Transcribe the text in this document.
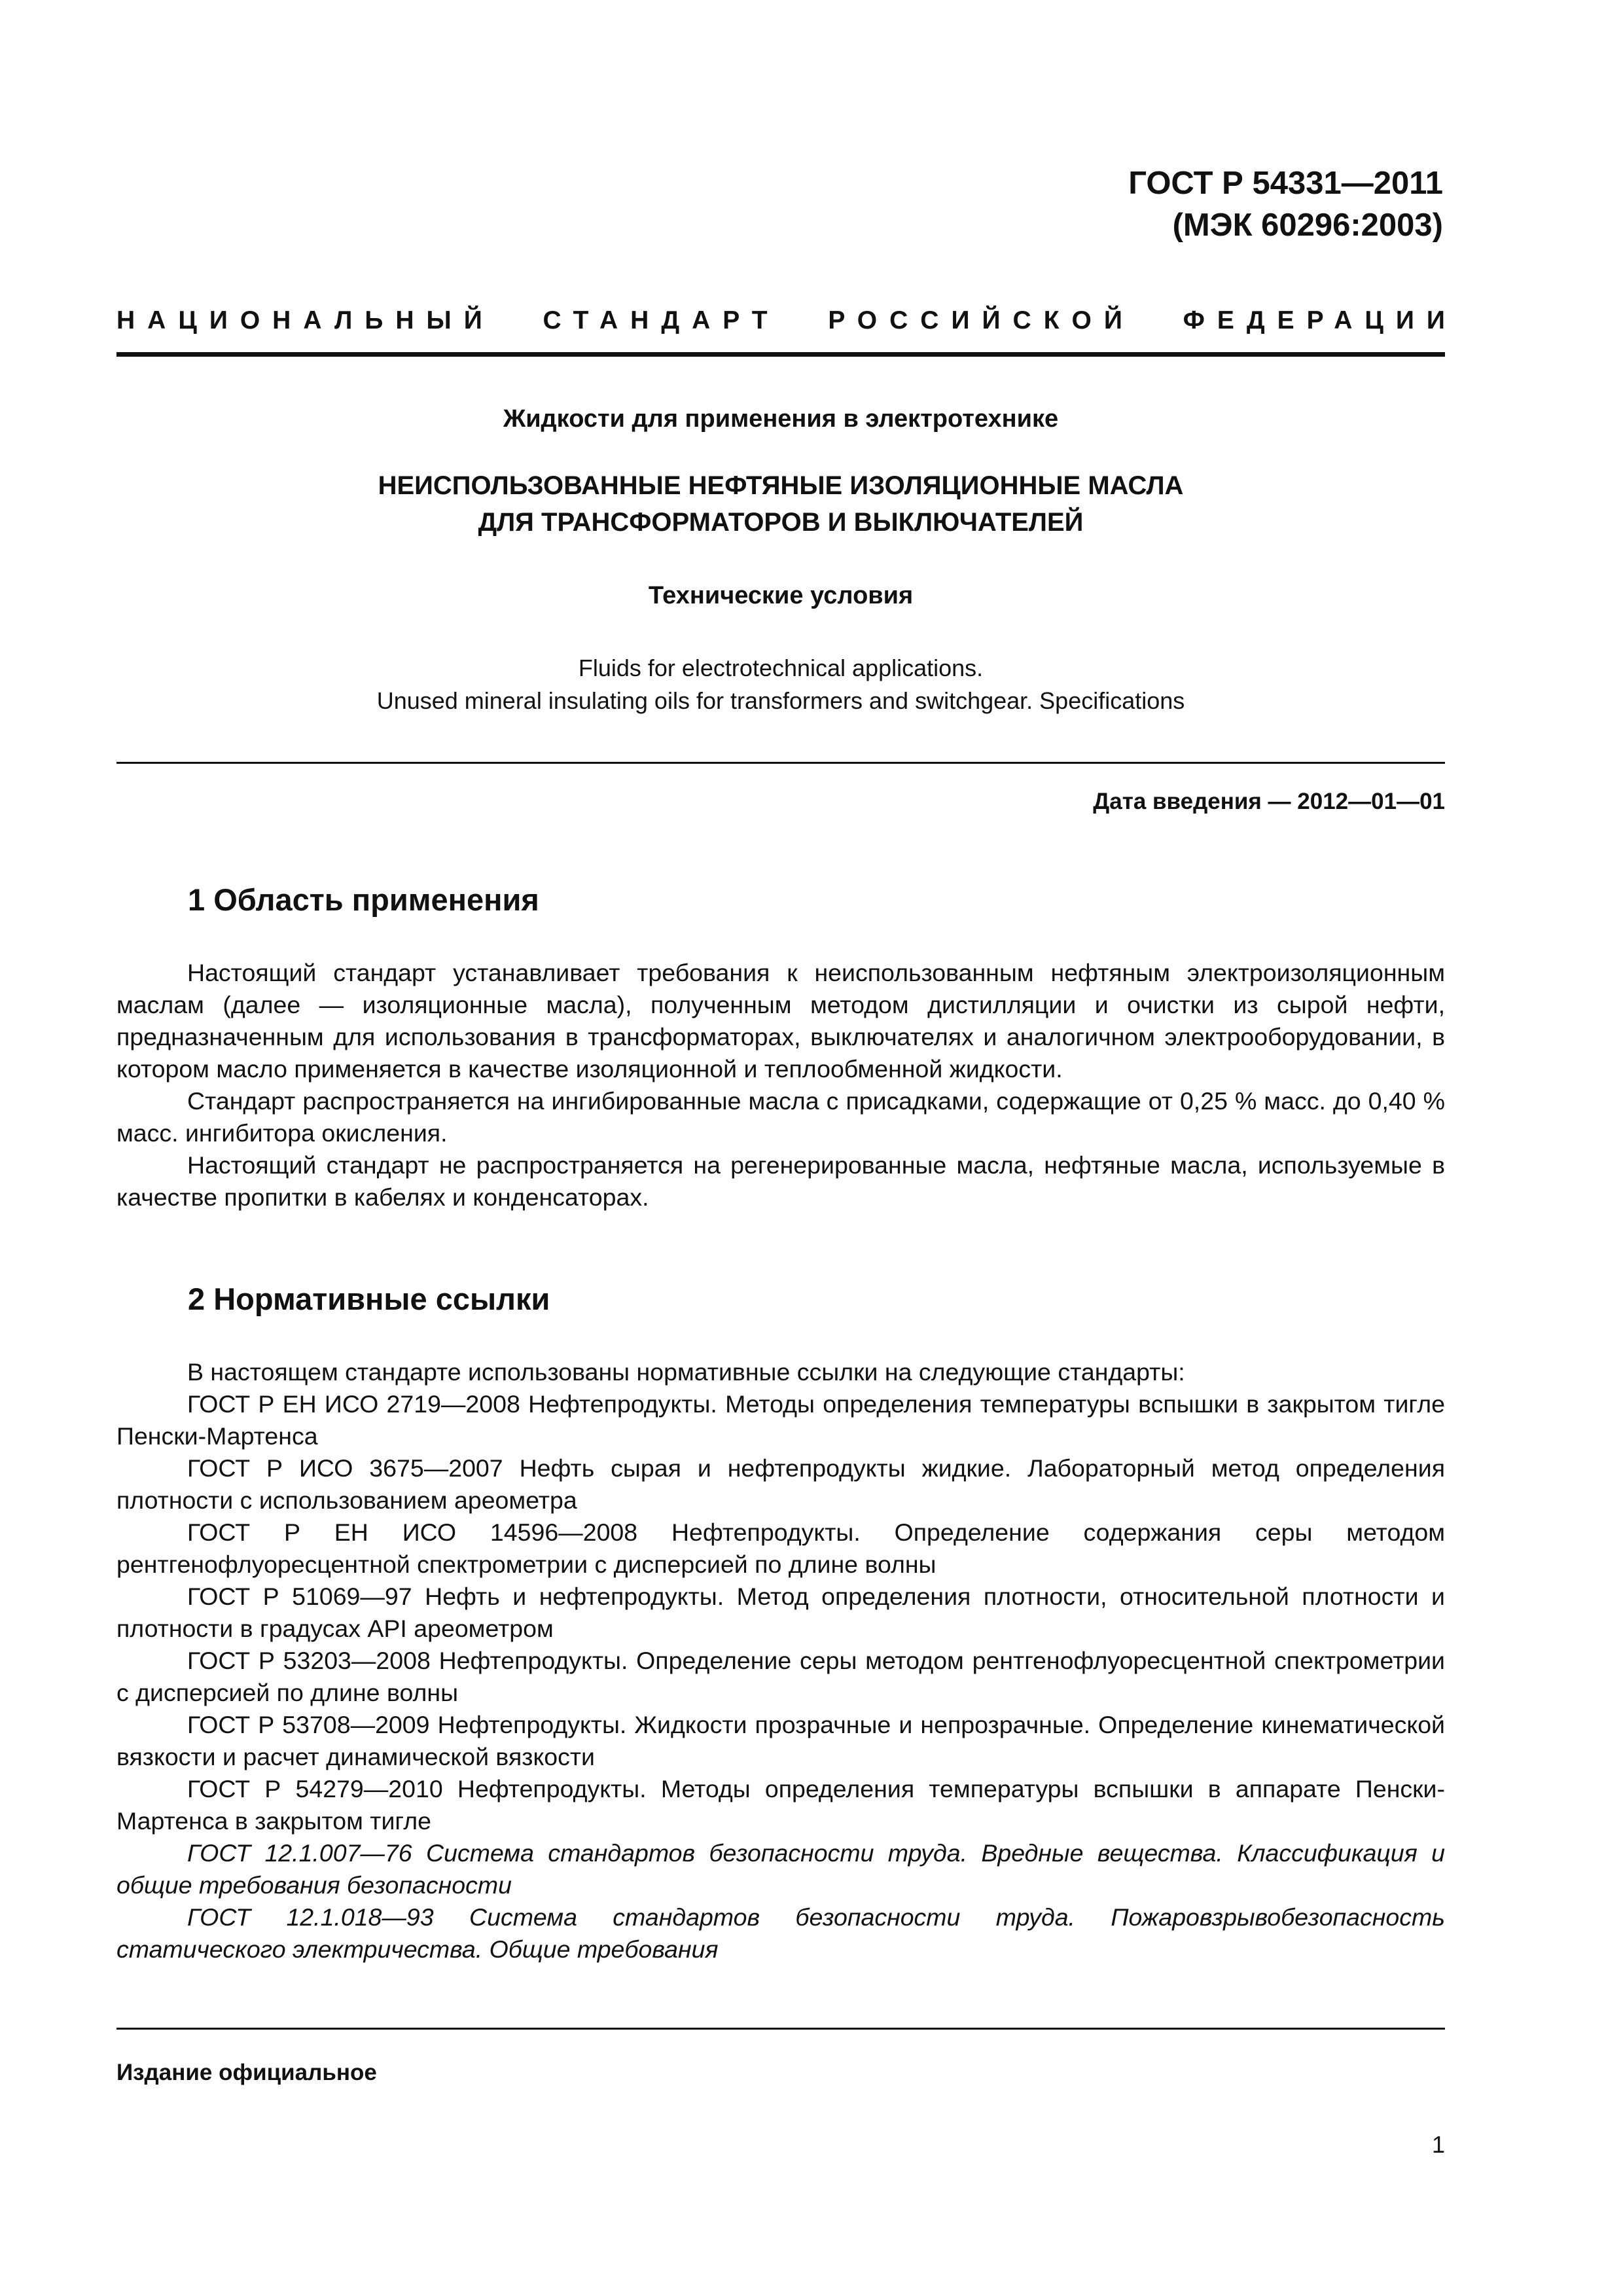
ГОСТ Р 54331—2011
(МЭК 60296:2003)
НАЦИОНАЛЬНЫЙ СТАНДАРТ РОССИЙСКОЙ ФЕДЕРАЦИИ
Жидкости для применения в электротехнике
НЕИСПОЛЬЗОВАННЫЕ НЕФТЯНЫЕ ИЗОЛЯЦИОННЫЕ МАСЛА
ДЛЯ ТРАНСФОРМАТОРОВ И ВЫКЛЮЧАТЕЛЕЙ
Технические условия
Fluids for electrotechnical applications.
Unused mineral insulating oils for transformers and switchgear. Specifications
Дата введения — 2012—01—01
1 Область применения

Настоящий стандарт устанавливает требования к неиспользованным нефтяным электроизоляционным маслам (далее — изоляционные масла), полученным методом дистилляции и очистки из сырой нефти, предназначенным для использования в трансформаторах, выключателях и аналогичном электрооборудовании, в котором масло применяется в качестве изоляционной и теплообменной жидкости.

Стандарт распространяется на ингибированные масла с присадками, содержащие от 0,25 % масс. до 0,40 % масс. ингибитора окисления.

Настоящий стандарт не распространяется на регенерированные масла, нефтяные масла, используемые в качестве пропитки в кабелях и конденсаторах.

2 Нормативные ссылки

В настоящем стандарте использованы нормативные ссылки на следующие стандарты:

ГОСТ Р ЕН ИСО 2719—2008 Нефтепродукты. Методы определения температуры вспышки в закрытом тигле Пенски-Мартенса

ГОСТ Р ИСО 3675—2007 Нефть сырая и нефтепродукты жидкие. Лабораторный метод определения плотности с использованием ареометра

ГОСТ Р ЕН ИСО 14596—2008 Нефтепродукты. Определение содержания серы методом рентгенофлуоресцентной спектрометрии с дисперсией по длине волны

ГОСТ Р 51069—97 Нефть и нефтепродукты. Метод определения плотности, относительной плотности и плотности в градусах API ареометром

ГОСТ Р 53203—2008 Нефтепродукты. Определение серы методом рентгенофлуоресцентной спектрометрии с дисперсией по длине волны

ГОСТ Р 53708—2009 Нефтепродукты. Жидкости прозрачные и непрозрачные. Определение кинематической вязкости и расчет динамической вязкости

ГОСТ Р 54279—2010 Нефтепродукты. Методы определения температуры вспышки в аппарате Пенски-Мартенса в закрытом тигле

ГОСТ 12.1.007—76 Система стандартов безопасности труда. Вредные вещества. Классификация и общие требования безопасности

ГОСТ 12.1.018—93 Система стандартов безопасности труда. Пожаровзрывобезопасность статического электричества. Общие требования

Издание официальное
1
